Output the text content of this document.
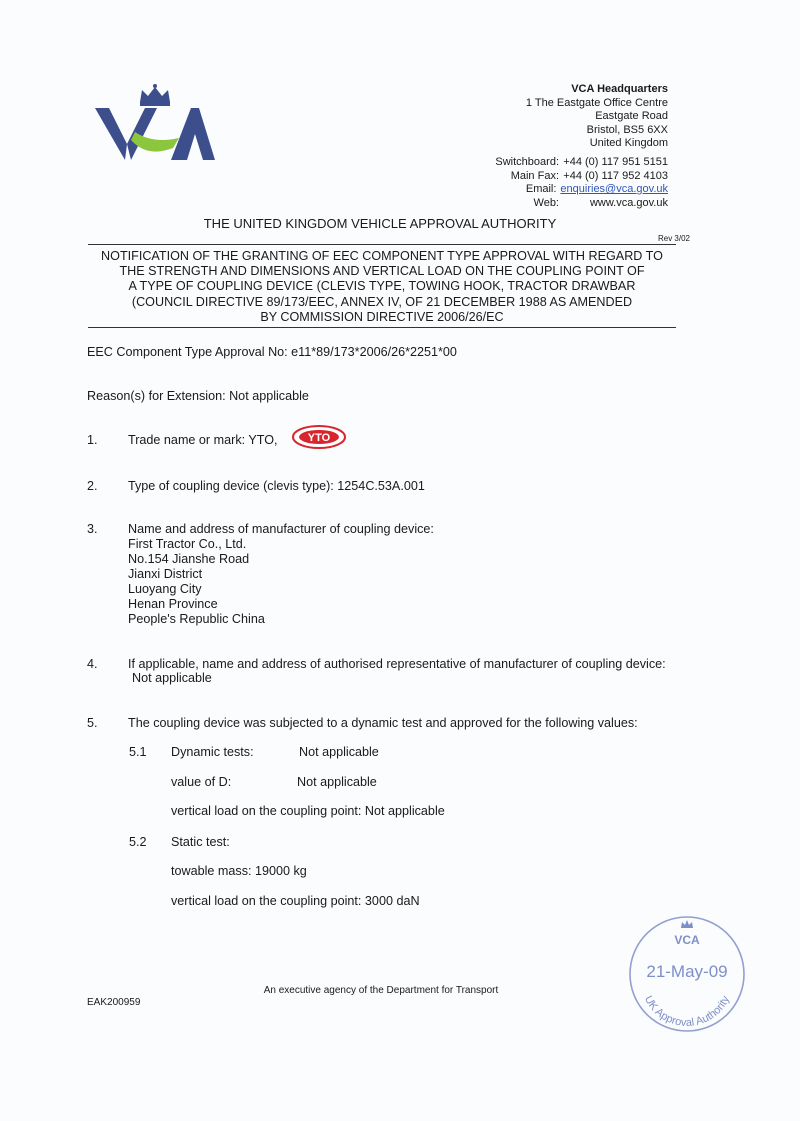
VCA
VCA Headquarters
1 The Eastgate Office Centre
Eastgate Road
Bristol, BS5 6XX
United Kingdom
Switchboard: +44 (0) 117 951 5151
Main Fax: +44 (0) 117 952 4103
Email: enquiries@vca.gov.uk
Web:	www.vca.gov.uk
THE UNITED KINGDOM VEHICLE APPROVAL AUTHORITY
Rev 3/02
NOTIFICATION OF THE GRANTING OF EEC COMPONENT TYPE APPROVAL WITH REGARD TO
THE STRENGTH AND DIMENSIONS AND VERTICAL LOAD ON THE COUPLING POINT OF
A TYPE OF COUPLING DEVICE (CLEVIS TYPE, TOWING HOOK, TRACTOR DRAWBAR
(COUNCIL DIRECTIVE 89/173/EEC, ANNEX IV, OF 21 DECEMBER 1988 AS AMENDED
BY COMMISSION DIRECTIVE 2006/26/EC
EEC Component Type Approval No: e11*89/173*2006/26*2251*00
Reason(s) for Extension: Not applicable
1. Trade name or mark: YTO,	YTO
2. Type of coupling device (clevis type): 1254C.53A.001
3. Name and address of manufacturer of coupling device:
First Tractor Co., Ltd.
No.154 Jianshe Road
Jianxi District
Luoyang City
Henan Province
People's Republic China
4. If applicable, name and address of authorised representative of manufacturer of coupling device:
Not applicable
5. The coupling device was subjected to a dynamic test and approved for the following values:
5.1 Dynamic tests:	Not applicable
value of D:	Not applicable
vertical load on the coupling point: Not applicable
5.2 Static test:
towable mass: 19000 kg
vertical load on the coupling point: 3000 daN
VCA
21-May-09
UK Approval Authority
An executive agency of the Department for Transport
EAK200959
